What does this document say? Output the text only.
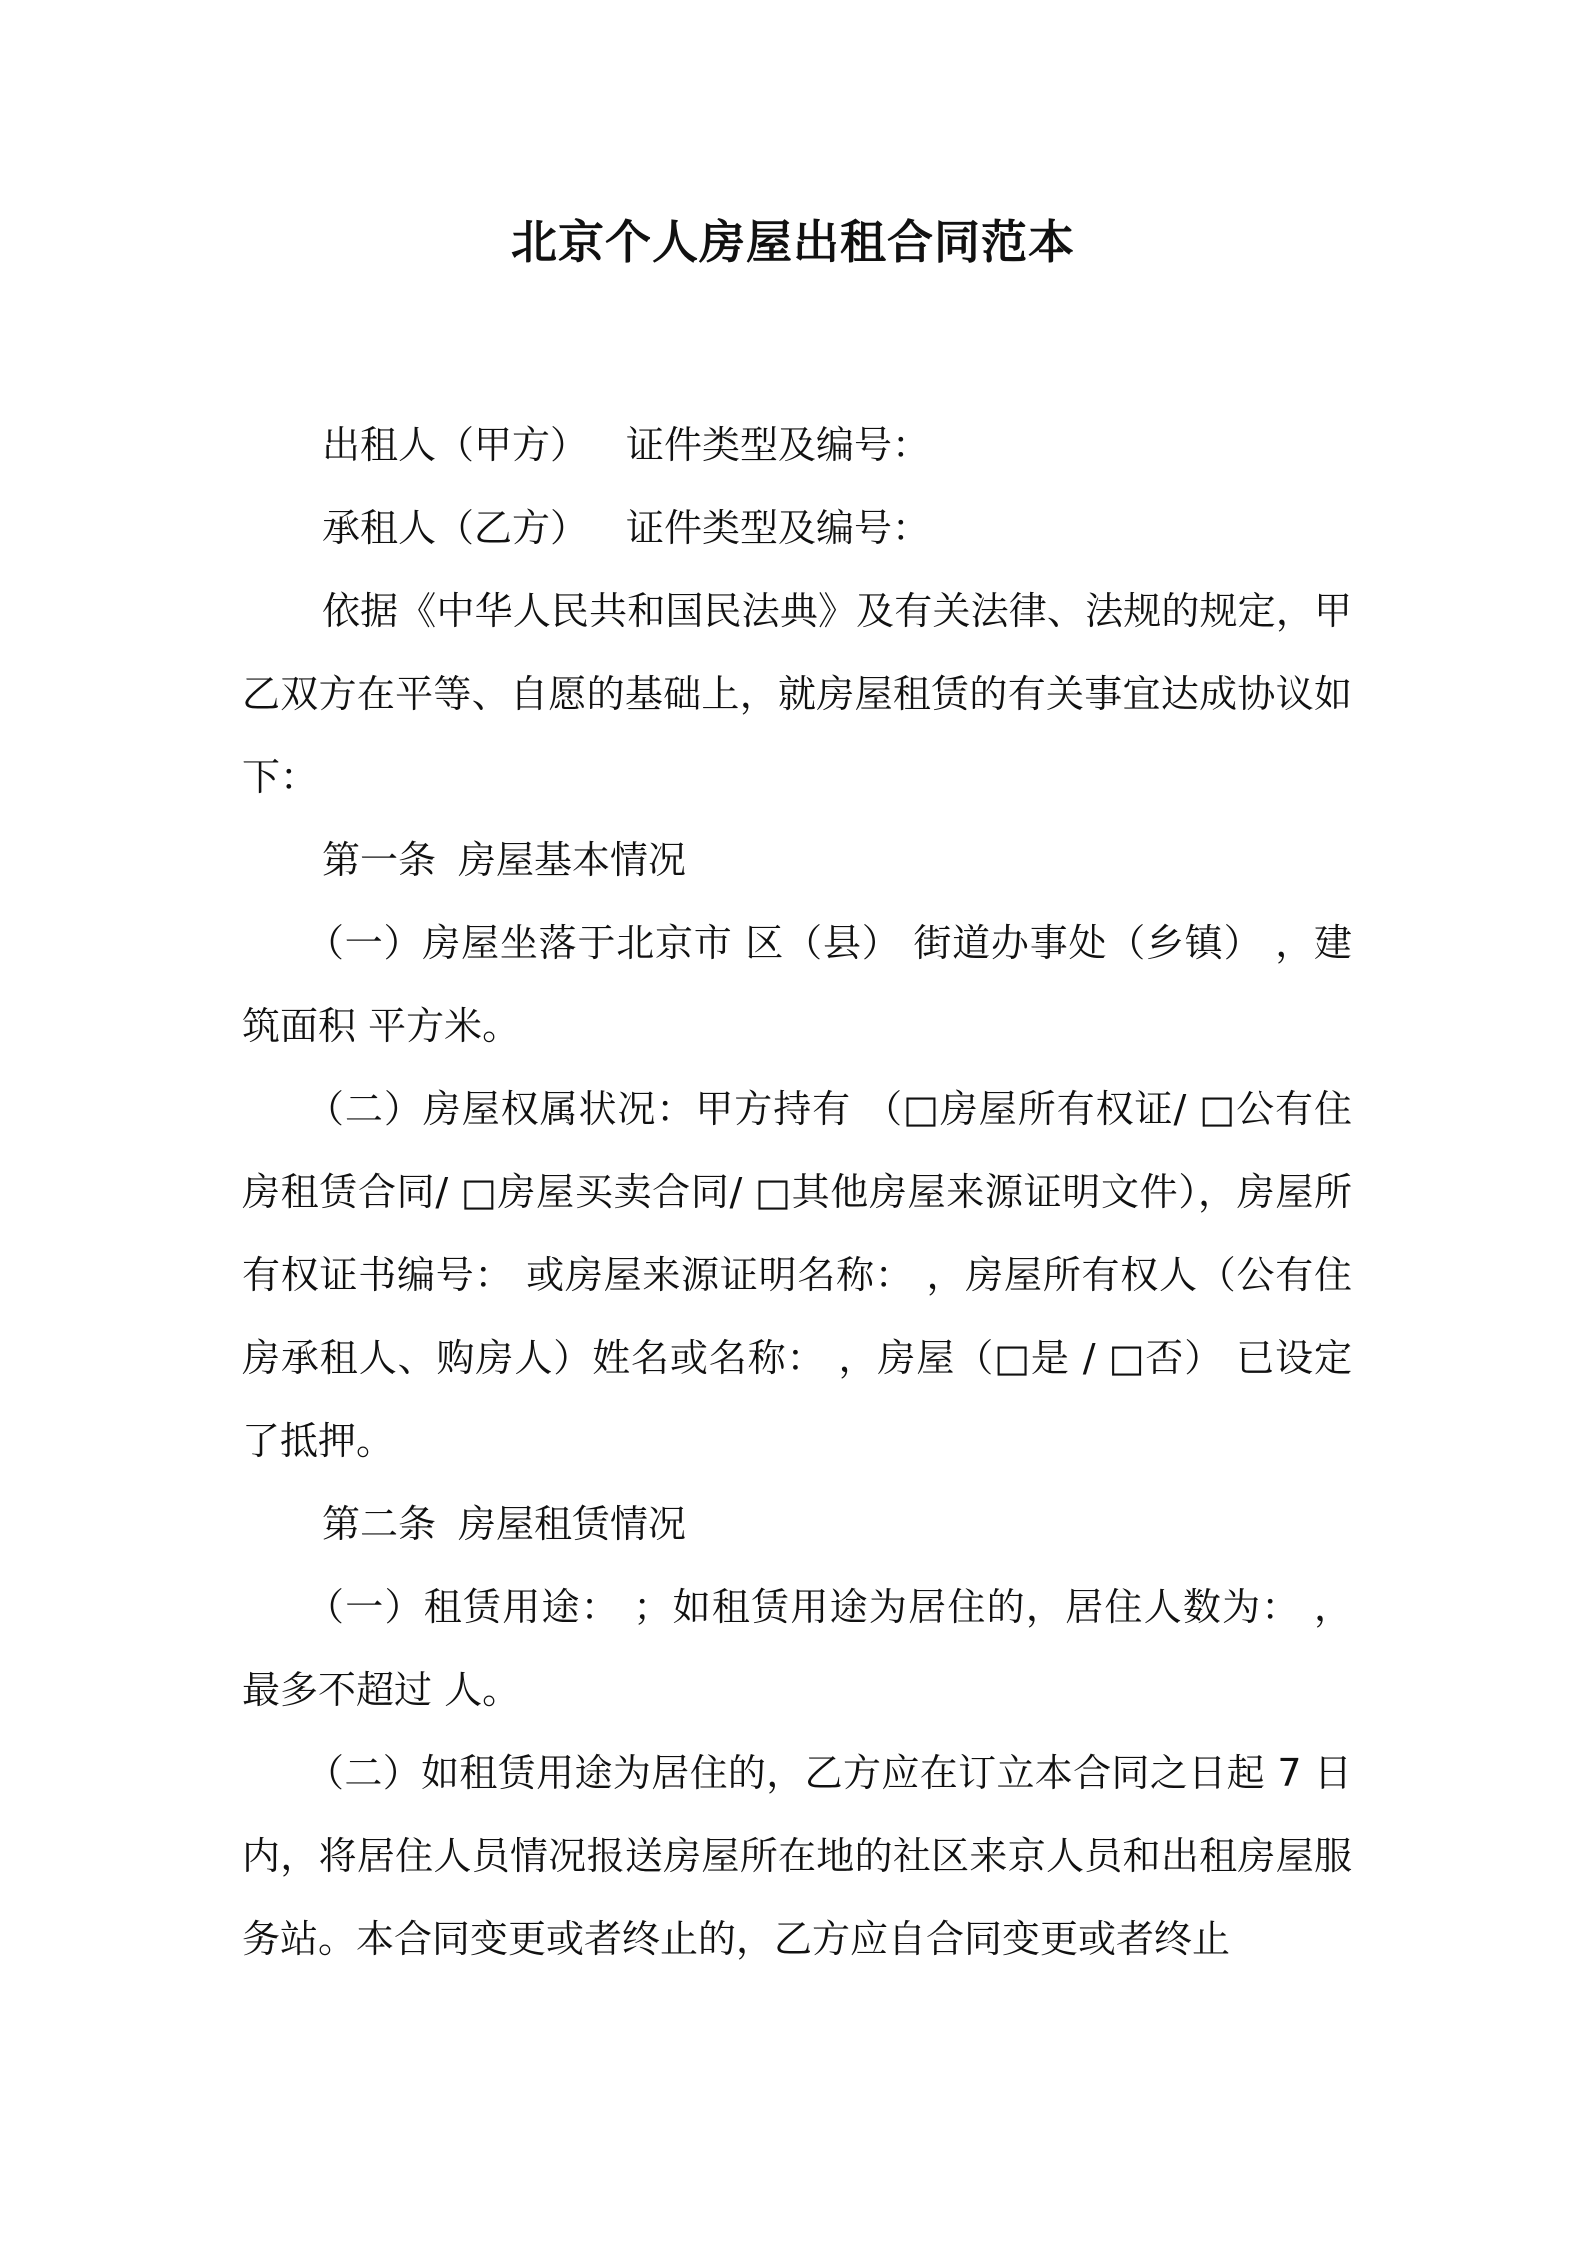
北京个人房屋出租合同范本

出租人（甲方） 证件类型及编号：

承租人（乙方） 证件类型及编号：

依据《中华人民共和国民法典》及有关法律、法规的规定，甲乙双方在平等、自愿的基础上，就房屋租赁的有关事宜达成协议如下：

第一条 房屋基本情况

（一）房屋坐落于北京市 区（县） 街道办事处（乡镇） ，建筑面积 平方米。

（二）房屋权属状况：甲方持有 （□房屋所有权证/ □公有住房租赁合同/ □房屋买卖合同/ □其他房屋来源证明文件），房屋所有权证书编号： 或房屋来源证明名称： ，房屋所有权人（公有住房承租人、购房人）姓名或名称： ，房屋（□是 / □否） 已设定了抵押。

第二条 房屋租赁情况

（一）租赁用途： ；如租赁用途为居住的，居住人数为： ，最多不超过 人。

（二）如租赁用途为居住的，乙方应在订立本合同之日起 7 日内，将居住人员情况报送房屋所在地的社区来京人员和出租房屋服务站。本合同变更或者终止的，乙方应自合同变更或者终止
